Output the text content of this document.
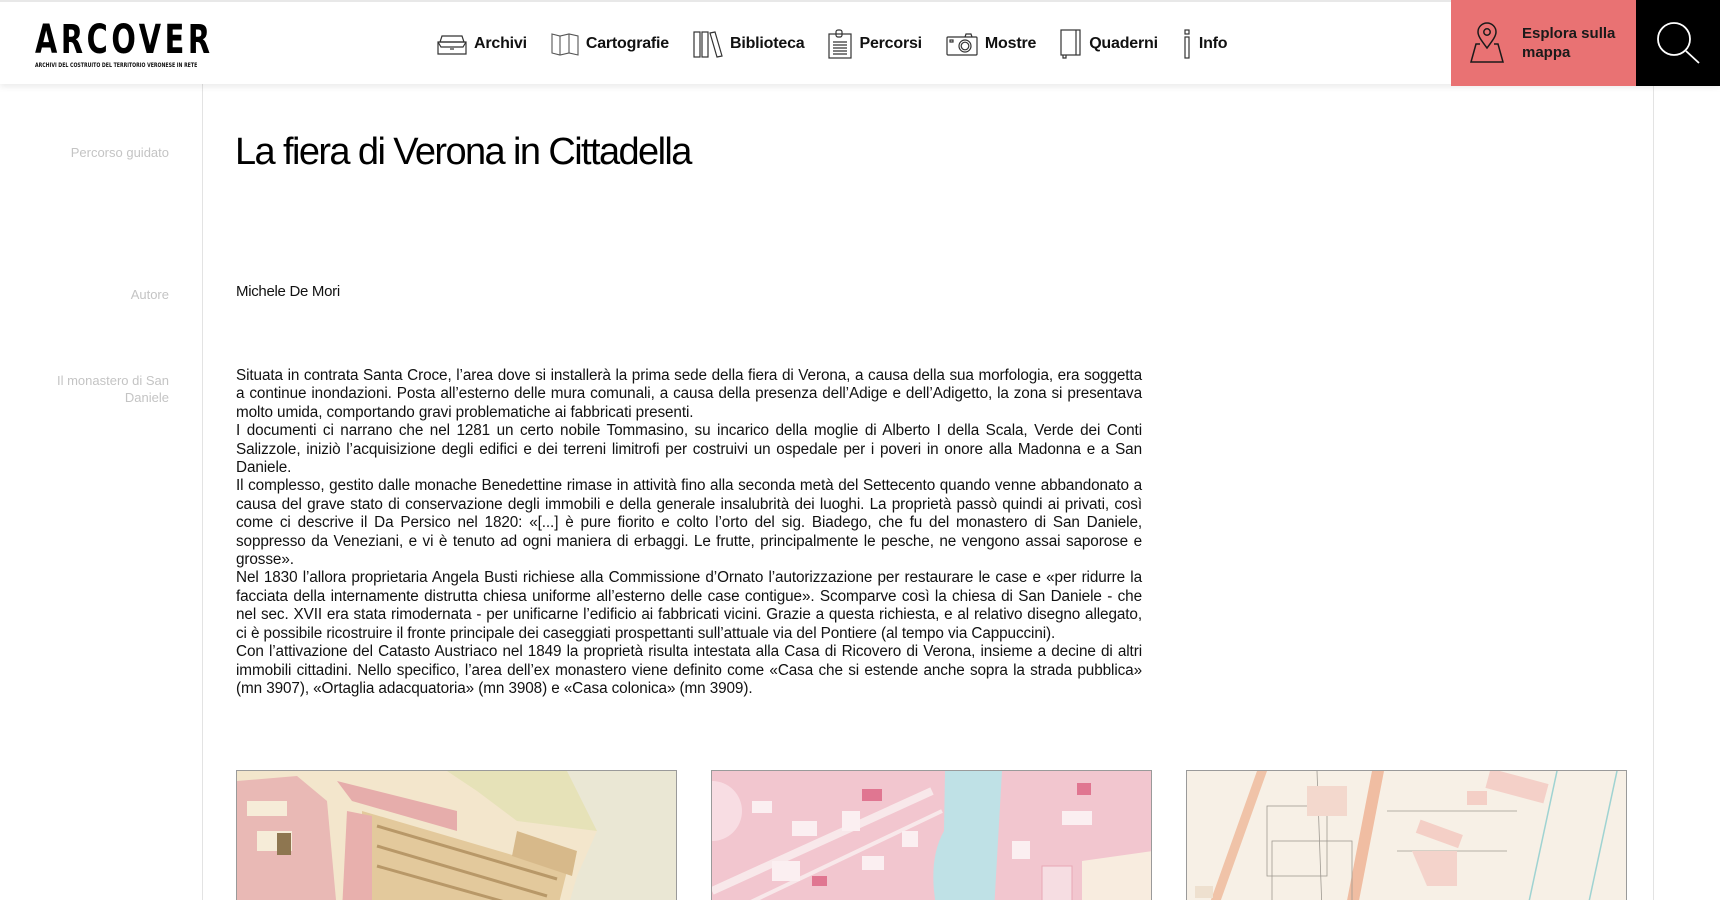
ARCOVER
ARCHIVI DEL COSTRUITO DEL TERRITORIO VERONESE IN RETE
Archivi	Cartografie	Biblioteca	Percorsi	Mostre	Quaderni	Info
Esplora sulla mappa
Percorso guidato
Autore
Il monastero di San Daniele
La fiera di Verona in Cittadella
Michele De Mori

Situata in contrata Santa Croce, l’area dove si installerà la prima sede della fiera di Verona, a causa della sua morfologia, era soggetta a continue inondazioni. Posta all’esterno delle mura comunali, a causa della presenza dell’Adige e dell’Adigetto, la zona si presentava molto umida, comportando gravi problematiche ai fabbricati presenti.

I documenti ci narrano che nel 1281 un certo nobile Tommasino, su incarico della moglie di Alberto I della Scala, Verde dei Conti Salizzole, iniziò l’acquisizione degli edifici e dei terreni limitrofi per costruivi un ospedale per i poveri in onore alla Madonna e a San Daniele.

Il complesso, gestito dalle monache Benedettine rimase in attività fino alla seconda metà del Settecento quando venne abbandonato a causa del grave stato di conservazione degli immobili e della generale insalubrità dei luoghi. La proprietà passò quindi ai privati, così come ci descrive il Da Persico nel 1820: «[...] è pure fiorito e colto l’orto del sig. Biadego, che fu del monastero di San Daniele, soppresso da Veneziani, e vi è tenuto ad ogni maniera di erbaggi. Le frutte, principalmente le pesche, ne vengono assai saporose e grosse».

Nel 1830 l’allora proprietaria Angela Busti richiese alla Commissione d’Ornato l’autorizzazione per restaurare le case e «per ridurre la facciata della internamente distrutta chiesa uniforme all’esterno delle case contigue». Scomparve così la chiesa di San Daniele - che nel sec. XVII era stata rimodernata - per unificarne l’edificio ai fabbricati vicini. Grazie a questa richiesta, e al relativo disegno allegato, ci è possibile ricostruire il fronte principale dei caseggiati prospettanti sull’attuale via del Pontiere (al tempo via Cappuccini).

Con l’attivazione del Catasto Austriaco nel 1849 la proprietà risulta intestata alla Casa di Ricovero di Verona, insieme a decine di altri immobili cittadini. Nello specifico, l’area dell’ex monastero viene definito come «Casa che si estende anche sopra la strada pubblica» (mn 3907), «Ortaglia adacquatoria» (mn 3908) e «Casa colonica» (mn 3909).
